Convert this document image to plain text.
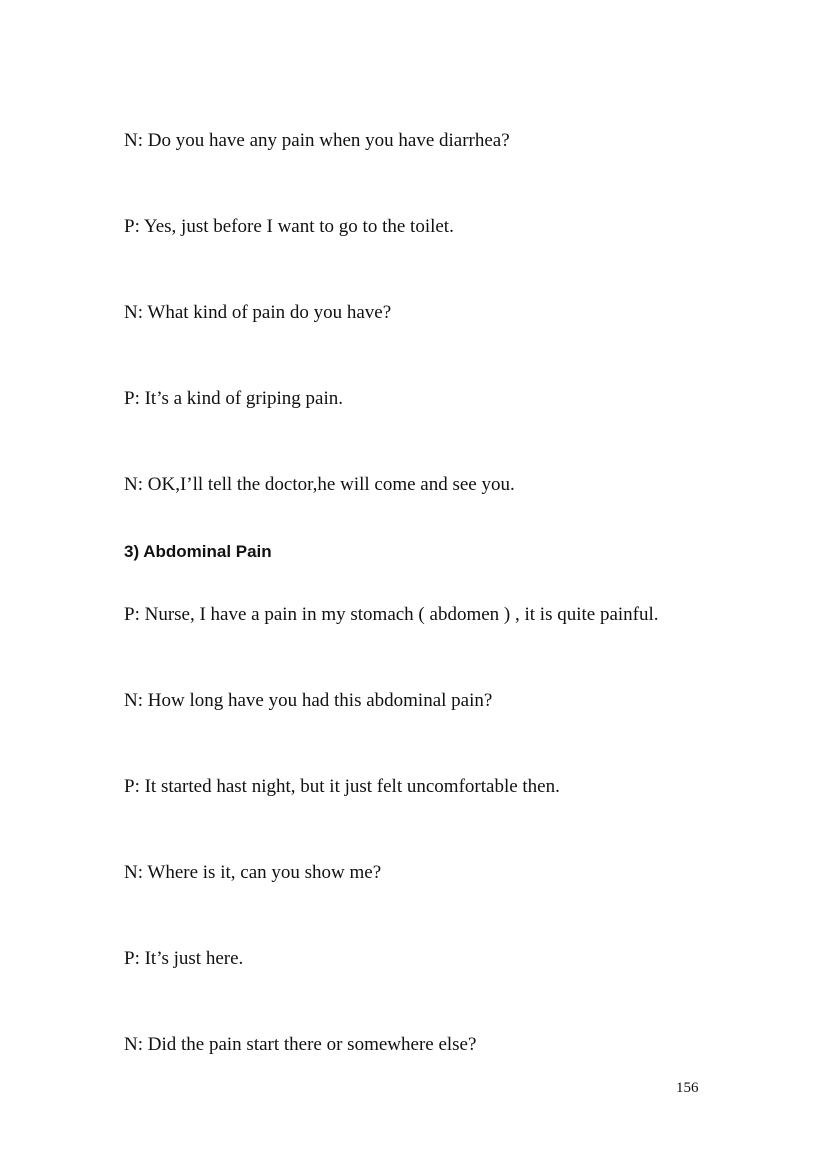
N: Do you have any pain when you have diarrhea?

P: Yes, just before I want to go to the toilet.

N: What kind of pain do you have?

P: It’s a kind of griping pain.

N: OK,I’ll tell the doctor,he will come and see you.

3) Abdominal Pain

P: Nurse, I have a pain in my stomach ( abdomen ) , it is quite painful.

N: How long have you had this abdominal pain?

P: It started hast night, but it just felt uncomfortable then.

N: Where is it, can you show me?

P: It’s just here.

N: Did the pain start there or somewhere else?

156
